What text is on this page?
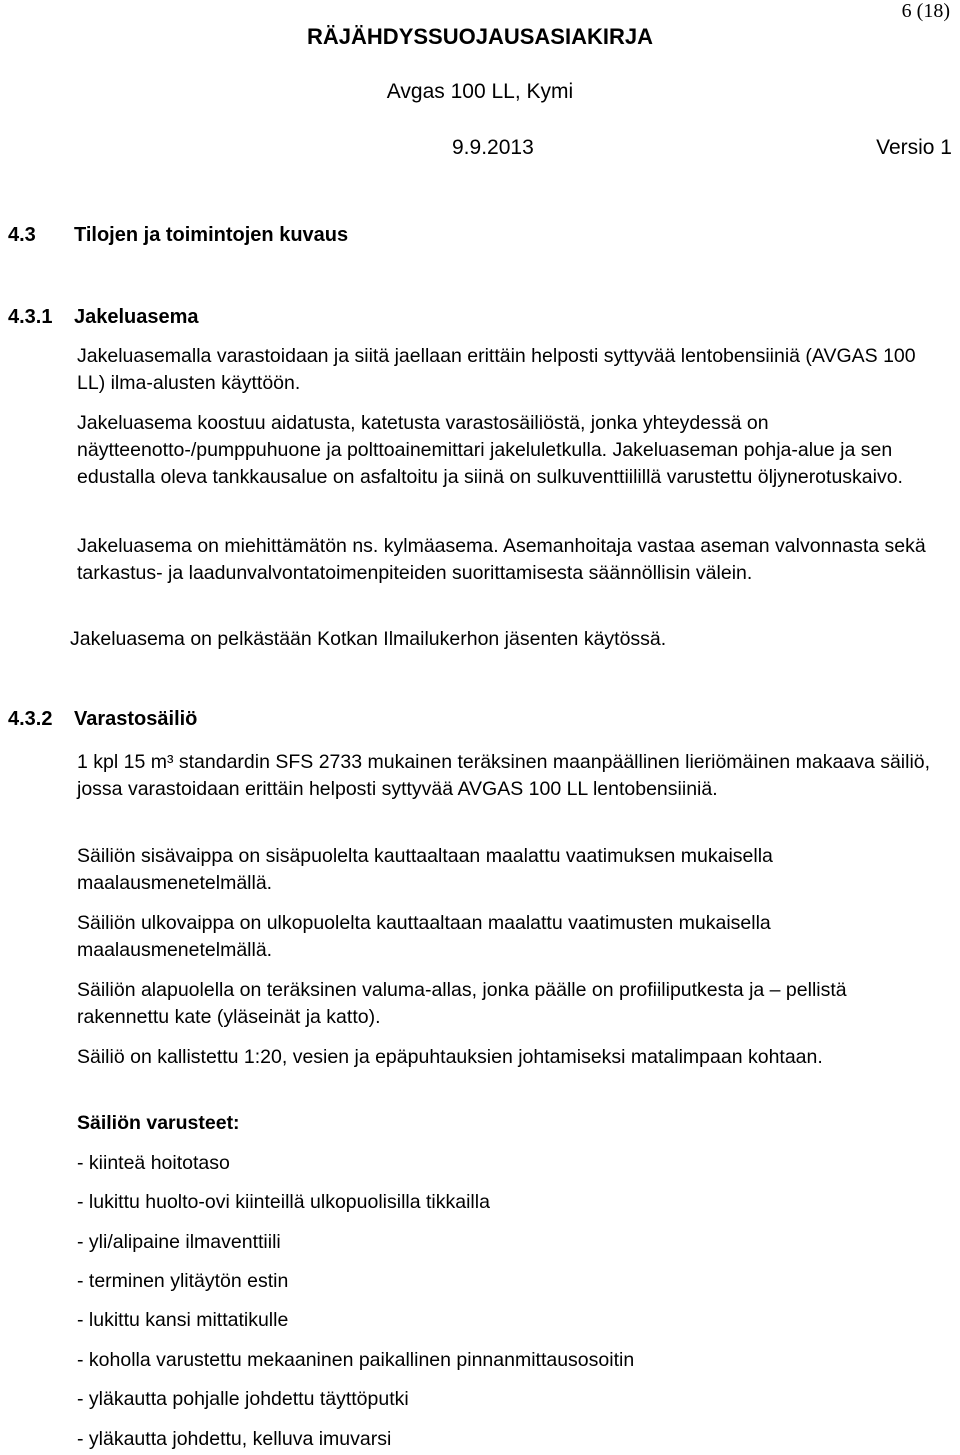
6 (18)
RÄJÄHDYSSUOJAUSASIAKIRJA
Avgas 100 LL, Kymi
9.9.2013	Versio 1
4.3 Tilojen ja toimintojen kuvaus
4.3.1 Jakeluasema
Jakeluasemalla varastoidaan ja siitä jaellaan erittäin helposti syttyvää lentobensiiniä (AVGAS 100 LL) ilma-alusten käyttöön.
Jakeluasema koostuu aidatusta, katetusta varastosäiliöstä, jonka yhteydessä on näytteenotto-/pumppuhuone ja polttoainemittari jakeluletkulla. Jakeluaseman pohja-alue ja sen edustalla oleva tankkausalue on asfaltoitu ja siinä on sulkuventtiilillä varustettu öljynerotuskaivo.
Jakeluasema on miehittämätön ns. kylmäasema. Asemanhoitaja vastaa aseman valvonnasta sekä tarkastus- ja laadunvalvontatoimenpiteiden suorittamisesta säännöllisin välein.
Jakeluasema on pelkästään Kotkan Ilmailukerhon jäsenten käytössä.
4.3.2 Varastosäiliö
1 kpl 15 m³ standardin SFS 2733 mukainen teräksinen maanpäällinen lieriömäinen makaava säiliö, jossa varastoidaan erittäin helposti syttyvää AVGAS 100 LL lentobensiiniä.
Säiliön sisävaippa on sisäpuolelta kauttaaltaan maalattu vaatimuksen mukaisella maalausmenetelmällä.
Säiliön ulkovaippa on ulkopuolelta kauttaaltaan maalattu vaatimusten mukaisella maalausmenetelmällä.
Säiliön alapuolella on teräksinen valuma-allas, jonka päälle on profiiliputkesta ja – pellistä rakennettu kate (yläseinät ja katto).
Säiliö on kallistettu 1:20, vesien ja epäpuhtauksien johtamiseksi matalimpaan kohtaan.
Säiliön varusteet:
- kiinteä hoitotaso
- lukittu huolto-ovi kiinteillä ulkopuolisilla tikkailla
- yli/alipaine ilmaventtiili
- terminen ylitäytön estin
- lukittu kansi mittatikulle
- koholla varustettu mekaaninen paikallinen pinnanmittausosoitin
- yläkautta pohjalle johdettu täyttöputki
- yläkautta johdettu, kelluva imuvarsi
